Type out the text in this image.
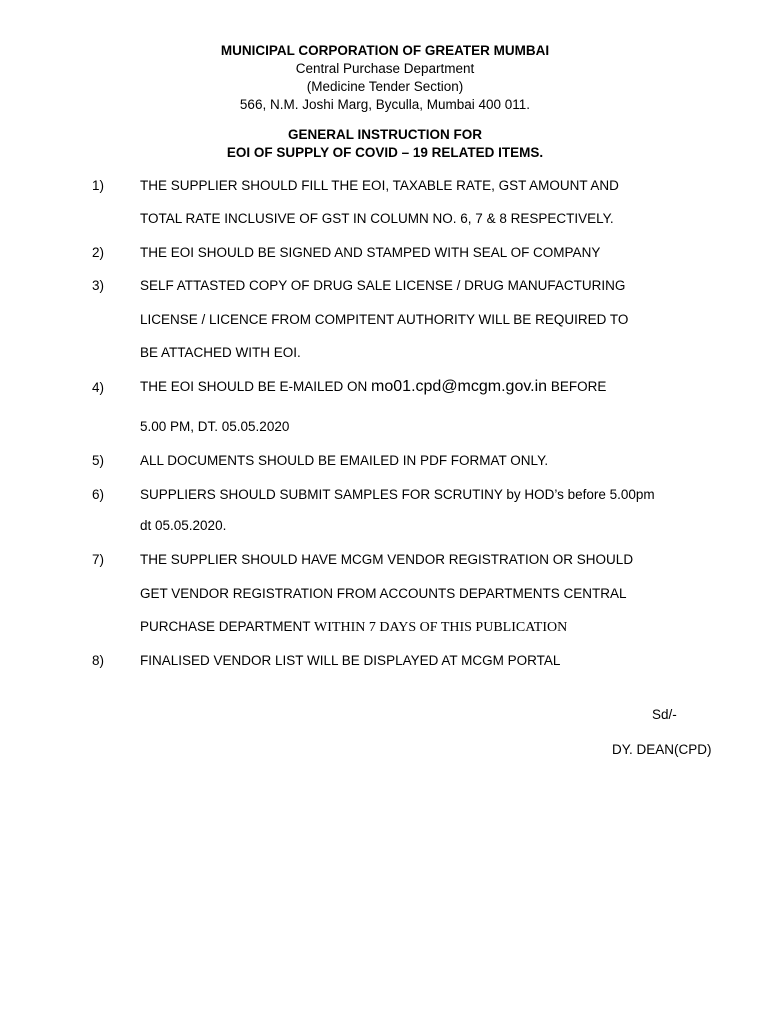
MUNICIPAL CORPORATION OF GREATER MUMBAI
Central Purchase Department
(Medicine Tender Section)
566, N.M. Joshi Marg, Byculla, Mumbai 400 011.
GENERAL INSTRUCTION FOR
EOI OF SUPPLY OF COVID – 19 RELATED ITEMS.
1)	THE SUPPLIER SHOULD FILL THE EOI, TAXABLE RATE, GST AMOUNT AND
TOTAL RATE INCLUSIVE OF GST IN COLUMN NO. 6, 7 & 8 RESPECTIVELY.
2)	THE EOI SHOULD BE SIGNED AND STAMPED WITH SEAL OF COMPANY
3)	SELF ATTASTED COPY OF DRUG SALE LICENSE / DRUG MANUFACTURING
LICENSE / LICENCE FROM COMPITENT AUTHORITY WILL BE REQUIRED TO
BE ATTACHED WITH EOI.
4)	THE EOI SHOULD BE E-MAILED ON mo01.cpd@mcgm.gov.in BEFORE
5.00 PM, DT. 05.05.2020
5)	ALL DOCUMENTS SHOULD BE EMAILED IN PDF FORMAT ONLY.
6)	SUPPLIERS SHOULD SUBMIT SAMPLES FOR SCRUTINY by HOD’s before 5.00pm
dt 05.05.2020.
7)	THE SUPPLIER SHOULD HAVE MCGM VENDOR REGISTRATION OR SHOULD
GET VENDOR REGISTRATION FROM ACCOUNTS DEPARTMENTS CENTRAL
PURCHASE DEPARTMENT WITHIN 7 DAYS OF THIS PUBLICATION
8)	FINALISED VENDOR LIST WILL BE DISPLAYED AT MCGM PORTAL
Sd/-
DY. DEAN(CPD)
